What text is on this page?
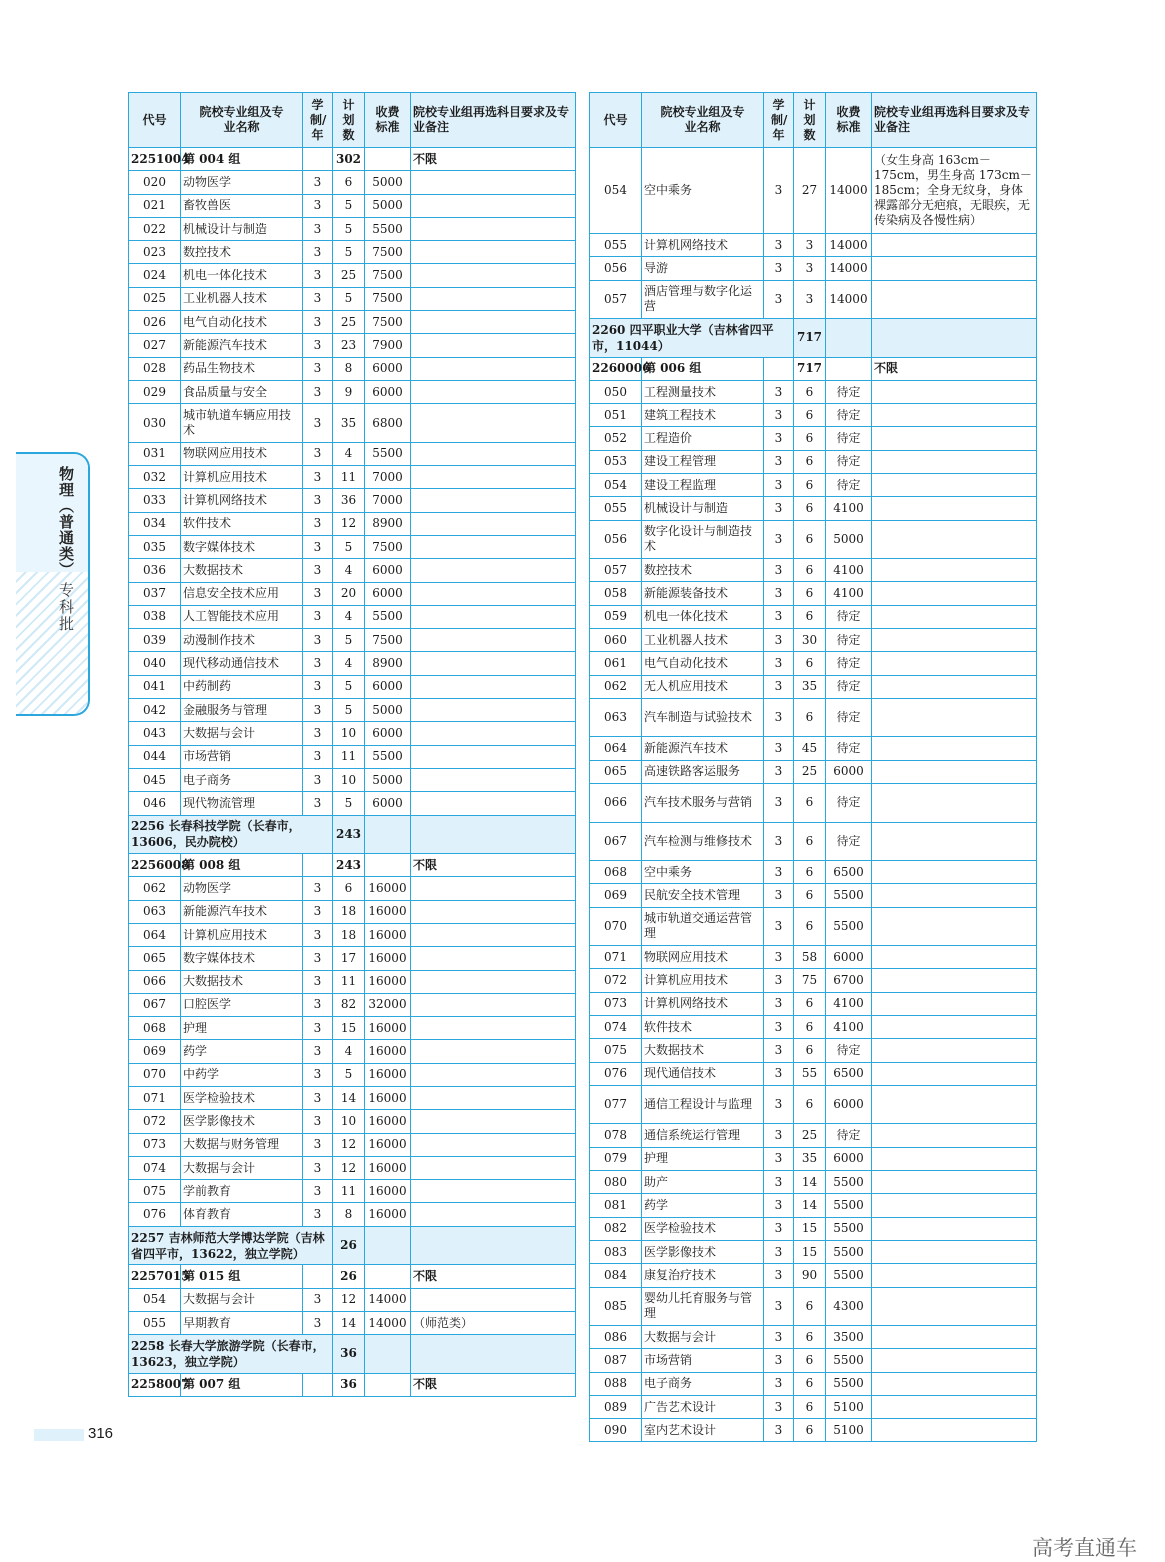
物理（普通类）
专科批
代号	院校专业组及专业名称	学制/年	计划数	收费标准	院校专业组再选科目要求及专业备注
2251004	第 004 组		302		不限
020	动物医学	3	6	5000	
021	畜牧兽医	3	5	5000	
022	机械设计与制造	3	5	5500	
023	数控技术	3	5	7500	
024	机电一体化技术	3	25	7500	
025	工业机器人技术	3	5	7500	
026	电气自动化技术	3	25	7500	
027	新能源汽车技术	3	23	7900	
028	药品生物技术	3	8	6000	
029	食品质量与安全	3	9	6000	
030	城市轨道车辆应用技术	3	35	6800	
031	物联网应用技术	3	4	5500	
032	计算机应用技术	3	11	7000	
033	计算机网络技术	3	36	7000	
034	软件技术	3	12	8900	
035	数字媒体技术	3	5	7500	
036	大数据技术	3	4	6000	
037	信息安全技术应用	3	20	6000	
038	人工智能技术应用	3	4	5500	
039	动漫制作技术	3	5	7500	
040	现代移动通信技术	3	4	8900	
041	中药制药	3	5	6000	
042	金融服务与管理	3	5	5000	
043	大数据与会计	3	10	6000	
044	市场营销	3	11	5500	
045	电子商务	3	10	5000	
046	现代物流管理	3	5	6000	
2256 长春科技学院（长春市，13606，民办院校）			243		
2256008	第 008 组		243		不限
062	动物医学	3	6	16000	
063	新能源汽车技术	3	18	16000	
064	计算机应用技术	3	18	16000	
065	数字媒体技术	3	17	16000	
066	大数据技术	3	11	16000	
067	口腔医学	3	82	32000	
068	护理	3	15	16000	
069	药学	3	4	16000	
070	中药学	3	5	16000	
071	医学检验技术	3	14	16000	
072	医学影像技术	3	10	16000	
073	大数据与财务管理	3	12	16000	
074	大数据与会计	3	12	16000	
075	学前教育	3	11	16000	
076	体育教育	3	8	16000	
2257 吉林师范大学博达学院（吉林省四平市，13622，独立学院）			26		
2257015	第 015 组		26		不限
054	大数据与会计	3	12	14000	
055	早期教育	3	14	14000	（师范类）
2258 长春大学旅游学院（长春市，13623，独立学院）			36		
2258007	第 007 组		36		不限
代号	院校专业组及专业名称	学制/年	计划数	收费标准	院校专业组再选科目要求及专业备注
054	空中乘务	3	27	14000	（女生身高 163cm－175cm，男生身高 173cm－185cm；全身无纹身，身体裸露部分无疤痕，无眼疾，无传染病及各慢性病）
055	计算机网络技术	3	3	14000	
056	导游	3	3	14000	
057	酒店管理与数字化运营	3	3	14000	
2260 四平职业大学（吉林省四平市，11044）			717		
2260006	第 006 组		717		不限
050	工程测量技术	3	6	待定	
051	建筑工程技术	3	6	待定	
052	工程造价	3	6	待定	
053	建设工程管理	3	6	待定	
054	建设工程监理	3	6	待定	
055	机械设计与制造	3	6	4100	
056	数字化设计与制造技术	3	6	5000	
057	数控技术	3	6	4100	
058	新能源装备技术	3	6	4100	
059	机电一体化技术	3	6	待定	
060	工业机器人技术	3	30	待定	
061	电气自动化技术	3	6	待定	
062	无人机应用技术	3	35	待定	
063	汽车制造与试验技术	3	6	待定	
064	新能源汽车技术	3	45	待定	
065	高速铁路客运服务	3	25	6000	
066	汽车技术服务与营销	3	6	待定	
067	汽车检测与维修技术	3	6	待定	
068	空中乘务	3	6	6500	
069	民航安全技术管理	3	6	5500	
070	城市轨道交通运营管理	3	6	5500	
071	物联网应用技术	3	58	6000	
072	计算机应用技术	3	75	6700	
073	计算机网络技术	3	6	4100	
074	软件技术	3	6	4100	
075	大数据技术	3	6	待定	
076	现代通信技术	3	55	6500	
077	通信工程设计与监理	3	6	6000	
078	通信系统运行管理	3	25	待定	
079	护理	3	35	6000	
080	助产	3	14	5500	
081	药学	3	14	5500	
082	医学检验技术	3	15	5500	
083	医学影像技术	3	15	5500	
084	康复治疗技术	3	90	5500	
085	婴幼儿托育服务与管理	3	6	4300	
086	大数据与会计	3	6	3500	
087	市场营销	3	6	5500	
088	电子商务	3	6	5500	
089	广告艺术设计	3	6	5100	
090	室内艺术设计	3	6	5100	
316
高考直通车
